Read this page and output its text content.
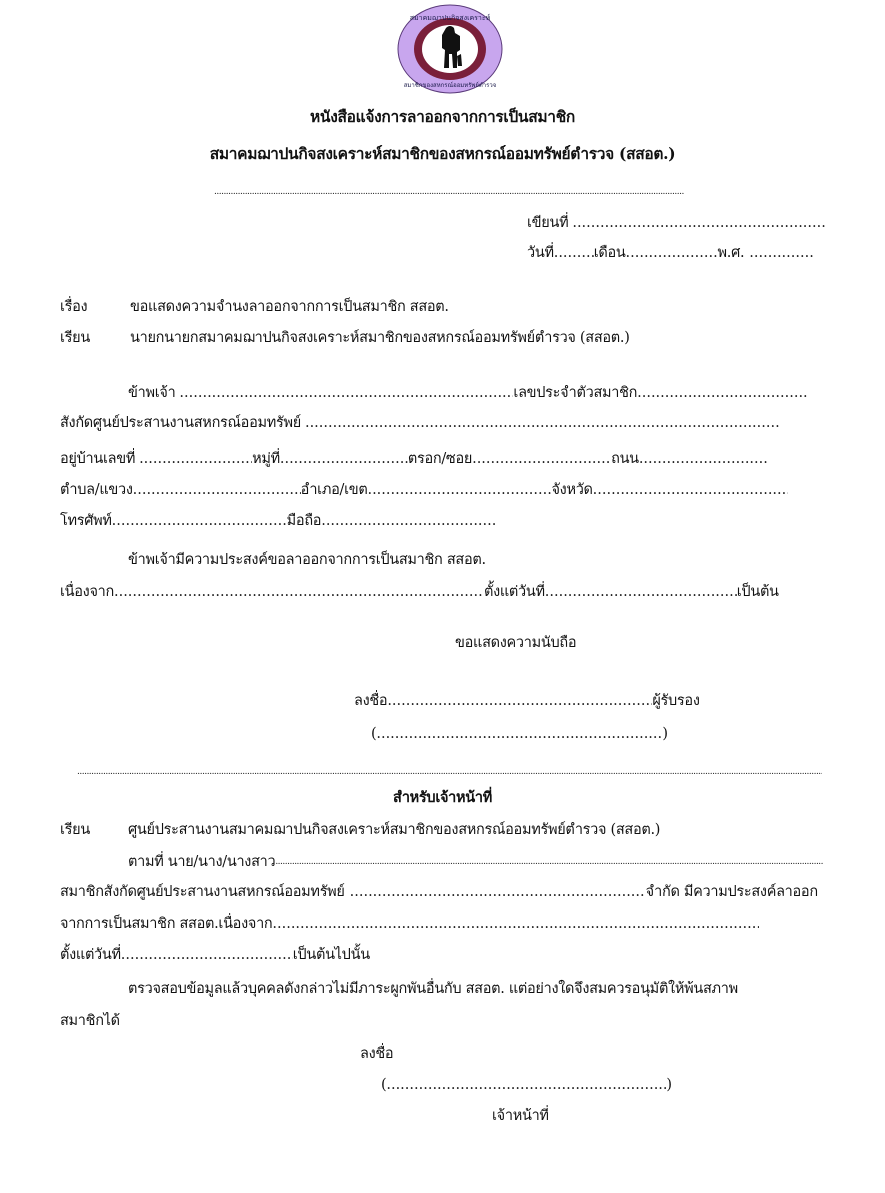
สมาคมฌาปนกิจสงเคราะห์
สมาชิกของสหกรณ์ออมทรัพย์ตำรวจ
หนังสือแจ้งการลาออกจากการเป็นสมาชิก
สมาคมฌาปนกิจสงเคราะห์สมาชิกของสหกรณ์ออมทรัพย์ตำรวจ (สสอต.)
.....
เขียนที่
.....
วันที่ .....	เดือน .....	พ.ศ.
.....
เรื่อง	ขอแสดงความจำนงลาออกจากการเป็นสมาชิก สสอต.
เรียน	นายกนายกสมาคมฌาปนกิจสงเคราะห์สมาชิกของสหกรณ์ออมทรัพย์ตำรวจ (สสอต.)
ข้าพเจ้า .....	เลขประจำตัวสมาชิก
.....
สังกัดศูนย์ประสานงานสหกรณ์ออมทรัพย์
.....
อยู่บ้านเลขที่ .....	หมู่ที่ .....	ตรอก/ซอย .....	ถนน
.....
ตำบล/แขวง .....	อำเภอ/เขต .....	จังหวัด
.....
โทรศัพท์ .....	มือถือ
.....
ข้าพเจ้ามีความประสงค์ขอลาออกจากการเป็นสมาชิก สสอต.
เนื่องจาก .....	ตั้งแต่วันที่ .....	เป็นต้น
ขอแสดงความนับถือ
ลงชื่อ .....	ผู้รับรอง
( .....	)
.....
สำหรับเจ้าหน้าที่
เรียน	ศูนย์ประสานงานสมาคมฌาปนกิจสงเคราะห์สมาชิกของสหกรณ์ออมทรัพย์ตำรวจ (สสอต.)
ตามที่ นาย/นาง/นางสาว
.....
สมาชิกสังกัดศูนย์ประสานงานสหกรณ์ออมทรัพย์ .....	จำกัด มีความประสงค์ลาออก
จากการเป็นสมาชิก สสอต.เนื่องจาก
.....
ตั้งแต่วันที่ .....	เป็นต้นไปนั้น
ตรวจสอบข้อมูลแล้วบุคคลดังกล่าวไม่มีภาระผูกพันอื่นกับ สสอต. แต่อย่างใดจึงสมควรอนุมัติให้พ้นสภาพ
สมาชิกได้
ลงชื่อ
( .....	)
เจ้าหน้าที่
